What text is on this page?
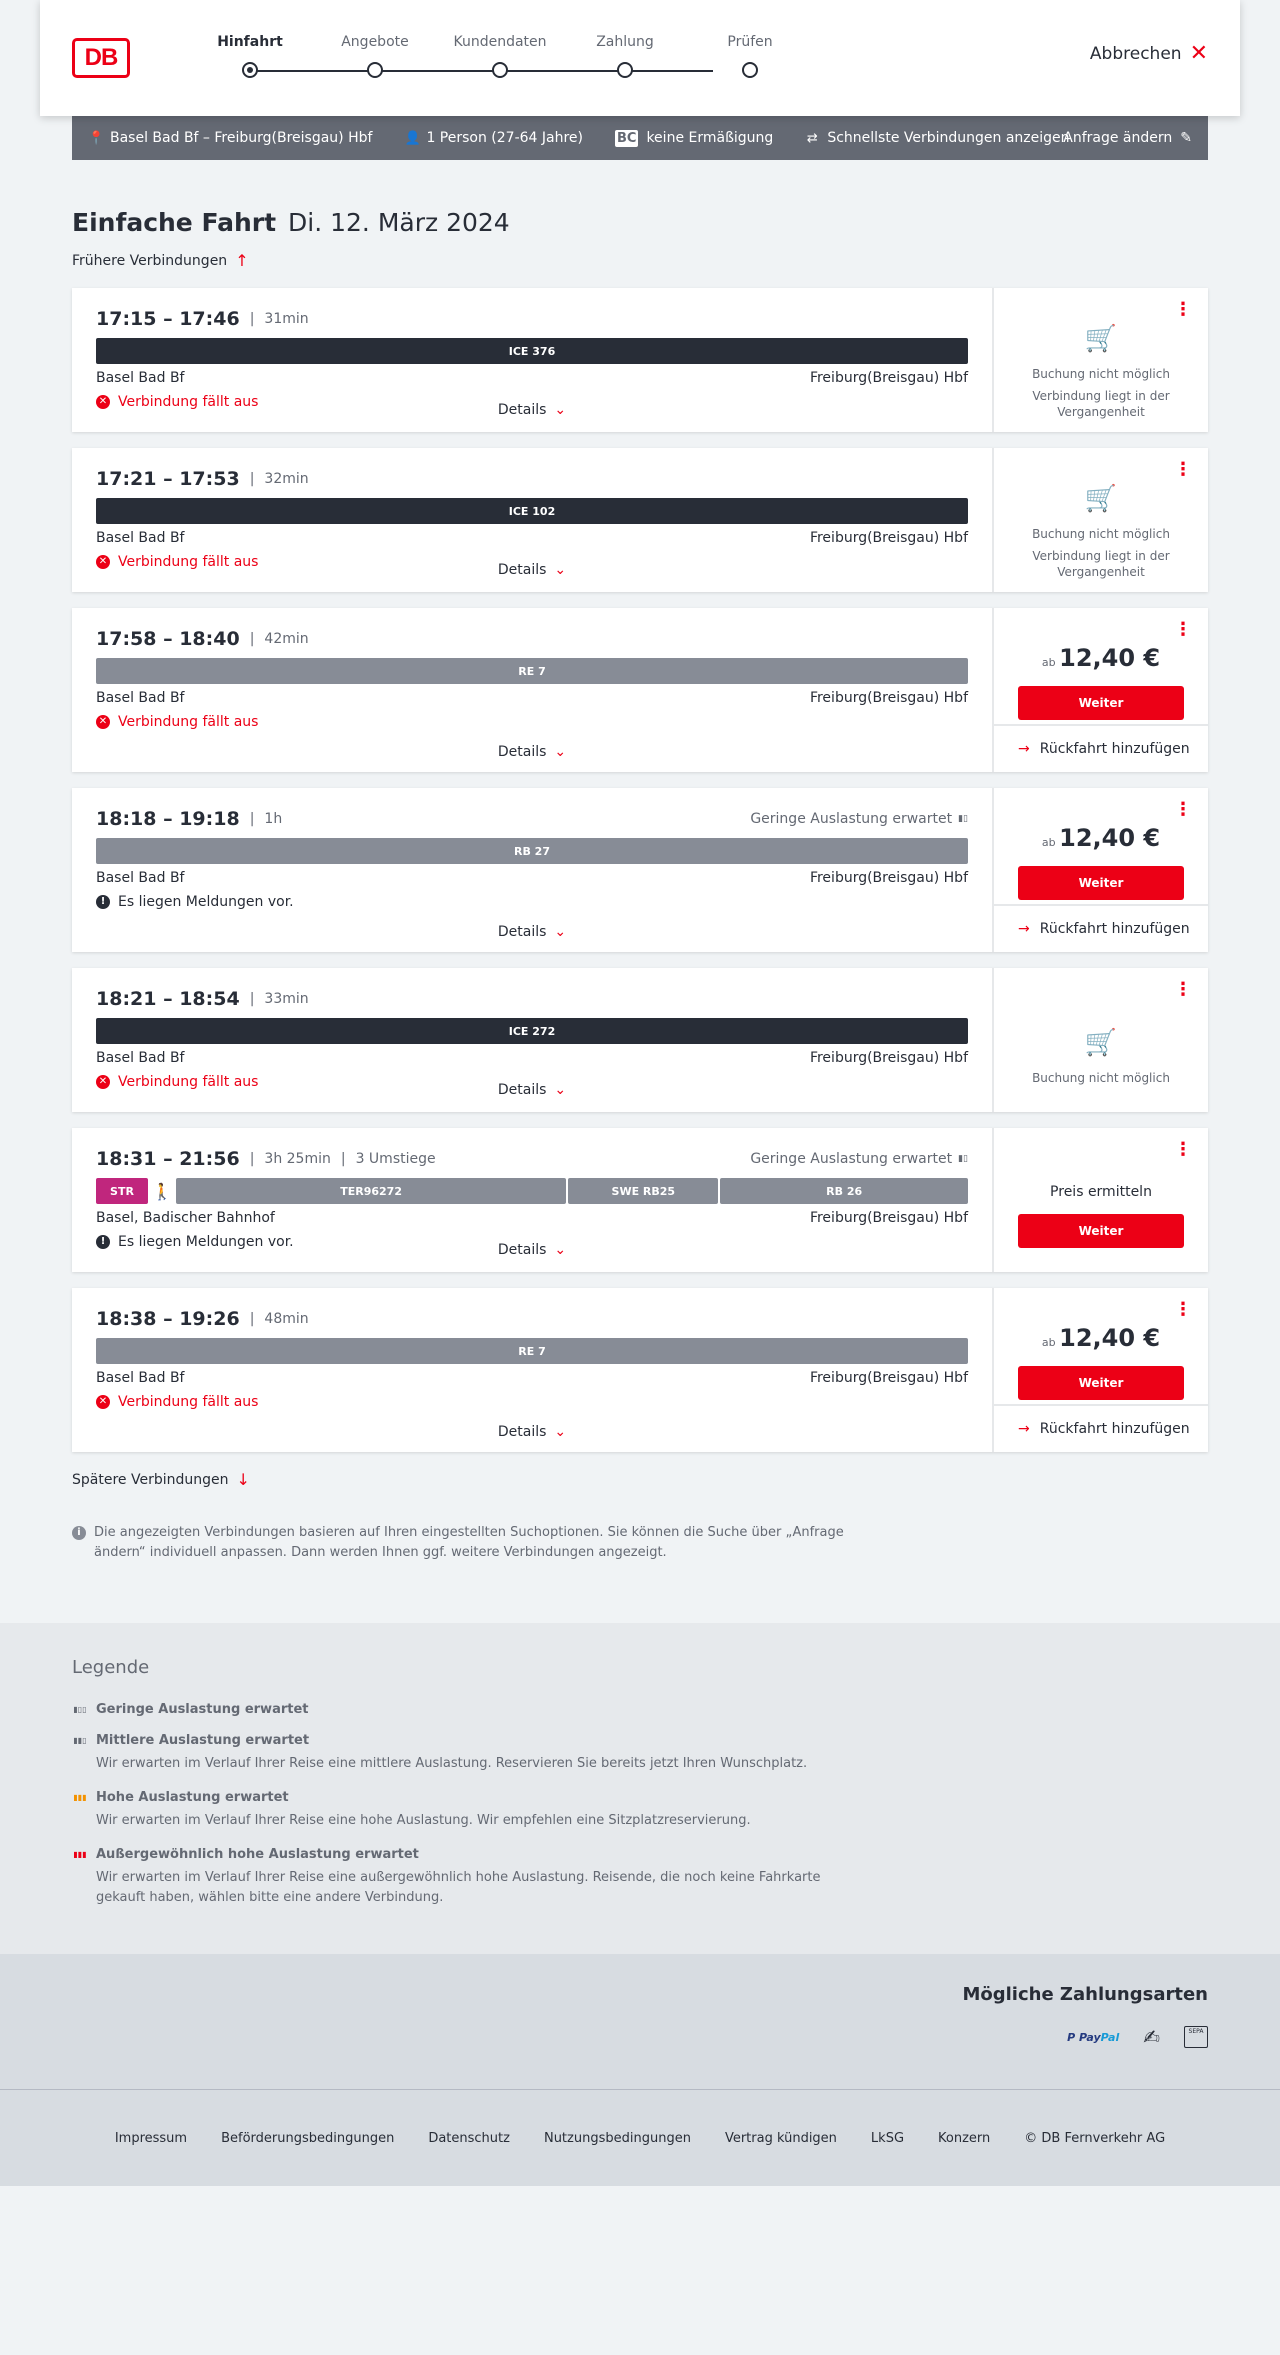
DB
Hinfahrt	Angebote	Kundendaten	Zahlung	Prüfen
Abbrechen ✕
📍 Basel Bad Bf – Freiburg(Breisgau) Hbf 👤 1 Person (27-64 Jahre)	BC keine Ermäßigung	⇄ Schnellste Verbindungen anzeigen
Anfrage ändern ✎
Einfache Fahrt Di. 12. März 2024
Frühere Verbindungen ↑
17:15 – 17:46 | 31min
ICE 376
Basel Bad Bf	Freiburg(Breisgau) Hbf
✕ Verbindung fällt aus	Details ⌄
⋮
🛒

Buchung nicht möglich

Verbindung liegt in der Vergangenheit

17:21 – 17:53 | 32min
ICE 102
Basel Bad Bf	Freiburg(Breisgau) Hbf
✕ Verbindung fällt aus	Details ⌄
⋮
🛒

Buchung nicht möglich

Verbindung liegt in der Vergangenheit

17:58 – 18:40 | 42min
RE 7
Basel Bad Bf	Freiburg(Breisgau) Hbf
✕ Verbindung fällt aus
Details ⌄
⋮
ab 12,40 €
Weiter
→ Rückfahrt hinzufügen
18:18 – 19:18 | 1h	Geringe Auslastung erwartet ▮▯
RB 27
Basel Bad Bf	Freiburg(Breisgau) Hbf
! Es liegen Meldungen vor.
Details ⌄
⋮
ab 12,40 €
Weiter
→ Rückfahrt hinzufügen
18:21 – 18:54 | 33min
ICE 272
Basel Bad Bf	Freiburg(Breisgau) Hbf
✕ Verbindung fällt aus	Details ⌄
⋮
🛒

Buchung nicht möglich

18:31 – 21:56 | 3h 25min | 3 Umstiege	Geringe Auslastung erwartet ▮▯
STR	🚶	TER96272	SWE RB25	RB 26
Basel, Badischer Bahnhof	Freiburg(Breisgau) Hbf
! Es liegen Meldungen vor.	Details ⌄
⋮
Preis ermitteln
Weiter
18:38 – 19:26 | 48min
RE 7
Basel Bad Bf	Freiburg(Breisgau) Hbf
✕ Verbindung fällt aus
Details ⌄
⋮
ab 12,40 €
Weiter
→ Rückfahrt hinzufügen
Spätere Verbindungen ↓
i	Die angezeigten Verbindungen basieren auf Ihren eingestellten Suchoptionen. Sie können die Suche über „Anfrage ändern“ individuell anpassen. Dann werden Ihnen ggf. weitere Verbindungen angezeigt.

Legende
▮▯▯ Geringe Auslastung erwartet
▮▮▯ Mittlere Auslastung erwartet
Wir erwarten im Verlauf Ihrer Reise eine mittlere Auslastung. Reservieren Sie bereits jetzt Ihren Wunschplatz.
▮▮▮ Hohe Auslastung erwartet
Wir erwarten im Verlauf Ihrer Reise eine hohe Auslastung. Wir empfehlen eine Sitzplatzreservierung.
▮▮▮ Außergewöhnlich hohe Auslastung erwartet
Wir erwarten im Verlauf Ihrer Reise eine außergewöhnlich hohe Auslastung. Reisende, die noch keine Fahrkarte gekauft haben, wählen bitte eine andere Verbindung.
Mögliche Zahlungsarten
P PayPal ✍	SEPA
Impressum	Beförderungsbedingungen	Datenschutz	Nutzungsbedingungen	Vertrag kündigen	LkSG	Konzern	© DB Fernverkehr AG
